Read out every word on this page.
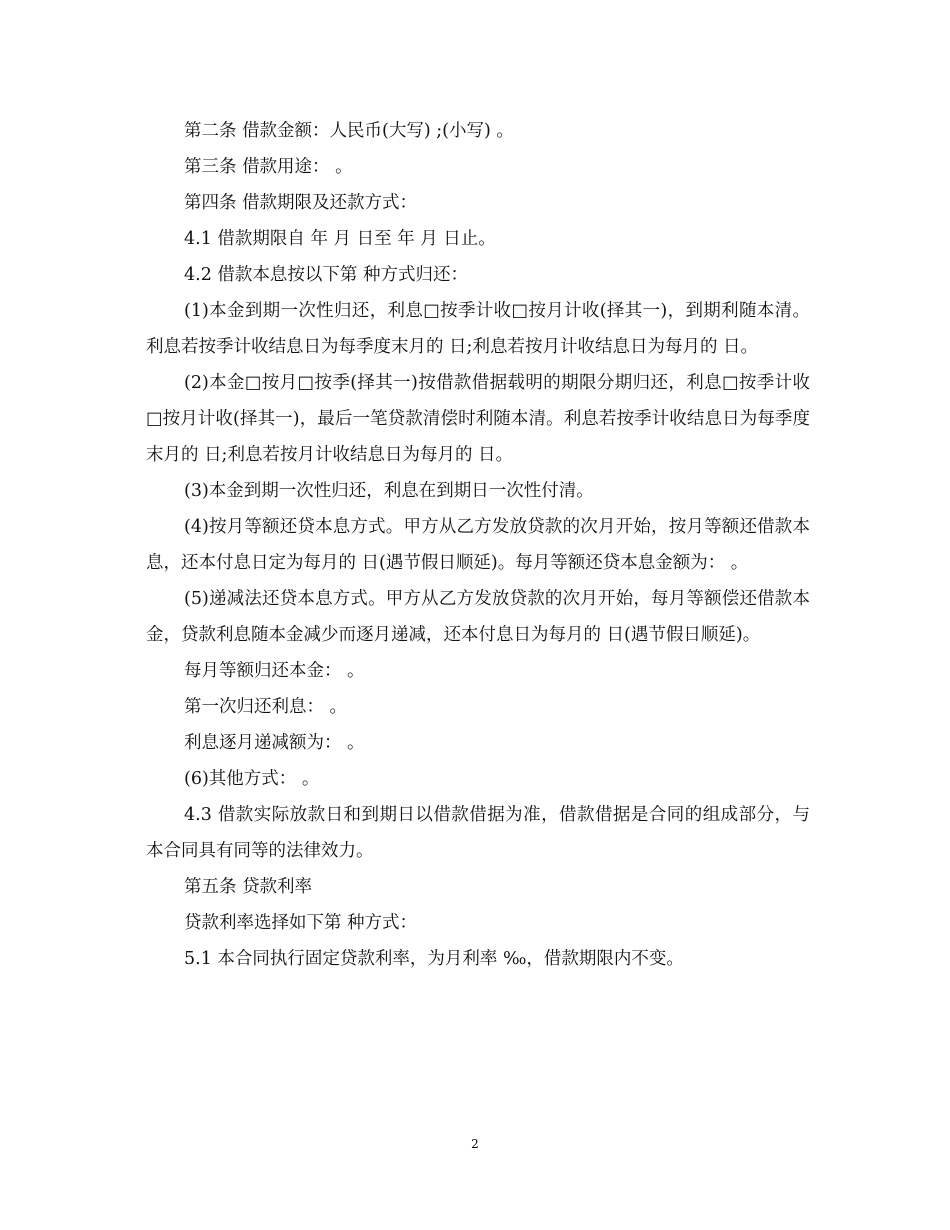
第二条 借款金额：人民币(大写) ;(小写) 。

第三条 借款用途： 。

第四条 借款期限及还款方式：

4.1 借款期限自 年 月 日至 年 月 日止。

4.2 借款本息按以下第 种方式归还：

(1)本金到期一次性归还，利息□按季计收□按月计收(择其一)，到期利随本清。利息若按季计收结息日为每季度末月的 日;利息若按月计收结息日为每月的 日。

(2)本金□按月□按季(择其一)按借款借据载明的期限分期归还，利息□按季计收□按月计收(择其一)，最后一笔贷款清偿时利随本清。利息若按季计收结息日为每季度末月的 日;利息若按月计收结息日为每月的 日。

(3)本金到期一次性归还，利息在到期日一次性付清。

(4)按月等额还贷本息方式。甲方从乙方发放贷款的次月开始，按月等额还借款本息，还本付息日定为每月的 日(遇节假日顺延)。每月等额还贷本息金额为： 。

(5)递减法还贷本息方式。甲方从乙方发放贷款的次月开始，每月等额偿还借款本金，贷款利息随本金减少而逐月递减，还本付息日为每月的 日(遇节假日顺延)。

每月等额归还本金： 。

第一次归还利息： 。

利息逐月递减额为： 。

(6)其他方式： 。

4.3 借款实际放款日和到期日以借款借据为准，借款借据是合同的组成部分，与本合同具有同等的法律效力。

第五条 贷款利率

贷款利率选择如下第 种方式：

5.1 本合同执行固定贷款利率，为月利率 ‰，借款期限内不变。

2
